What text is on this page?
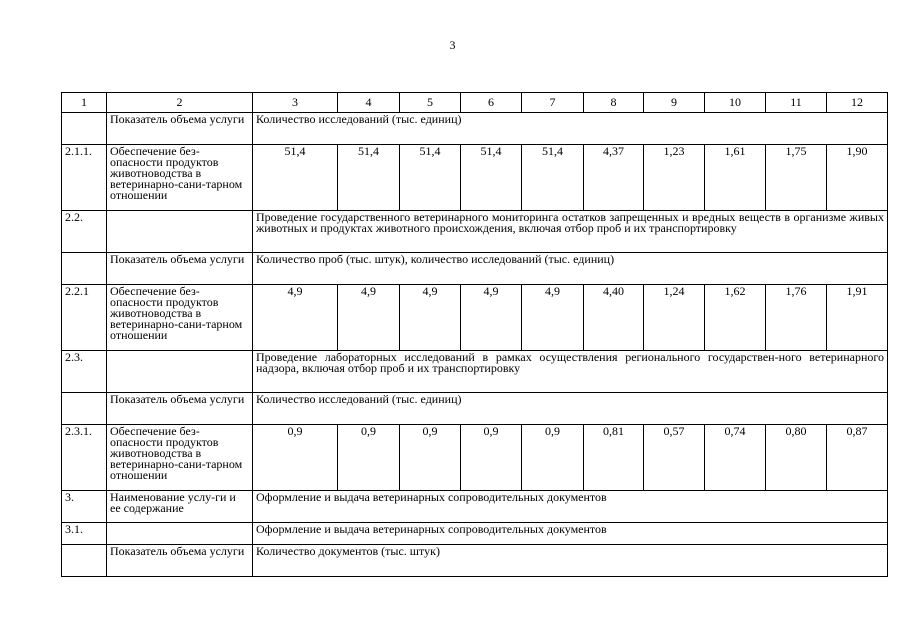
3
1	2	3	4	5	6	7	8	9	10	11	12
	Показатель объема услуги	Количество исследований (тыс. единиц)									
2.1.1.	Обеспечение без-опасности продуктов животноводства в ветеринарно-сани-тарном отношении	51,4	51,4	51,4	51,4	51,4	4,37	1,23	1,61	1,75	1,90
2.2.		Проведение государственного ветеринарного мониторинга остатков запрещенных и вредных веществ в организме живых животных и продуктах животного происхождения, включая отбор проб и их транспортировку									
	Показатель объема услуги	Количество проб (тыс. штук), количество исследований (тыс. единиц)									
2.2.1	Обеспечение без-опасности продуктов животноводства в ветеринарно-сани-тарном отношении	4,9	4,9	4,9	4,9	4,9	4,40	1,24	1,62	1,76	1,91
2.3.		Проведение лабораторных исследований в рамках осуществления регионального государствен-ного ветеринарного надзора, включая отбор проб и их транспортировку									
	Показатель объема услуги	Количество исследований (тыс. единиц)									
2.3.1.	Обеспечение без-опасности продуктов животноводства в ветеринарно-сани-тарном отношении	0,9	0,9	0,9	0,9	0,9	0,81	0,57	0,74	0,80	0,87
3.	Наименование услу-ги и ее содержание	Оформление и выдача ветеринарных сопроводительных документов									
3.1.		Оформление и выдача ветеринарных сопроводительных документов									
	Показатель объема услуги	Количество документов (тыс. штук)									
